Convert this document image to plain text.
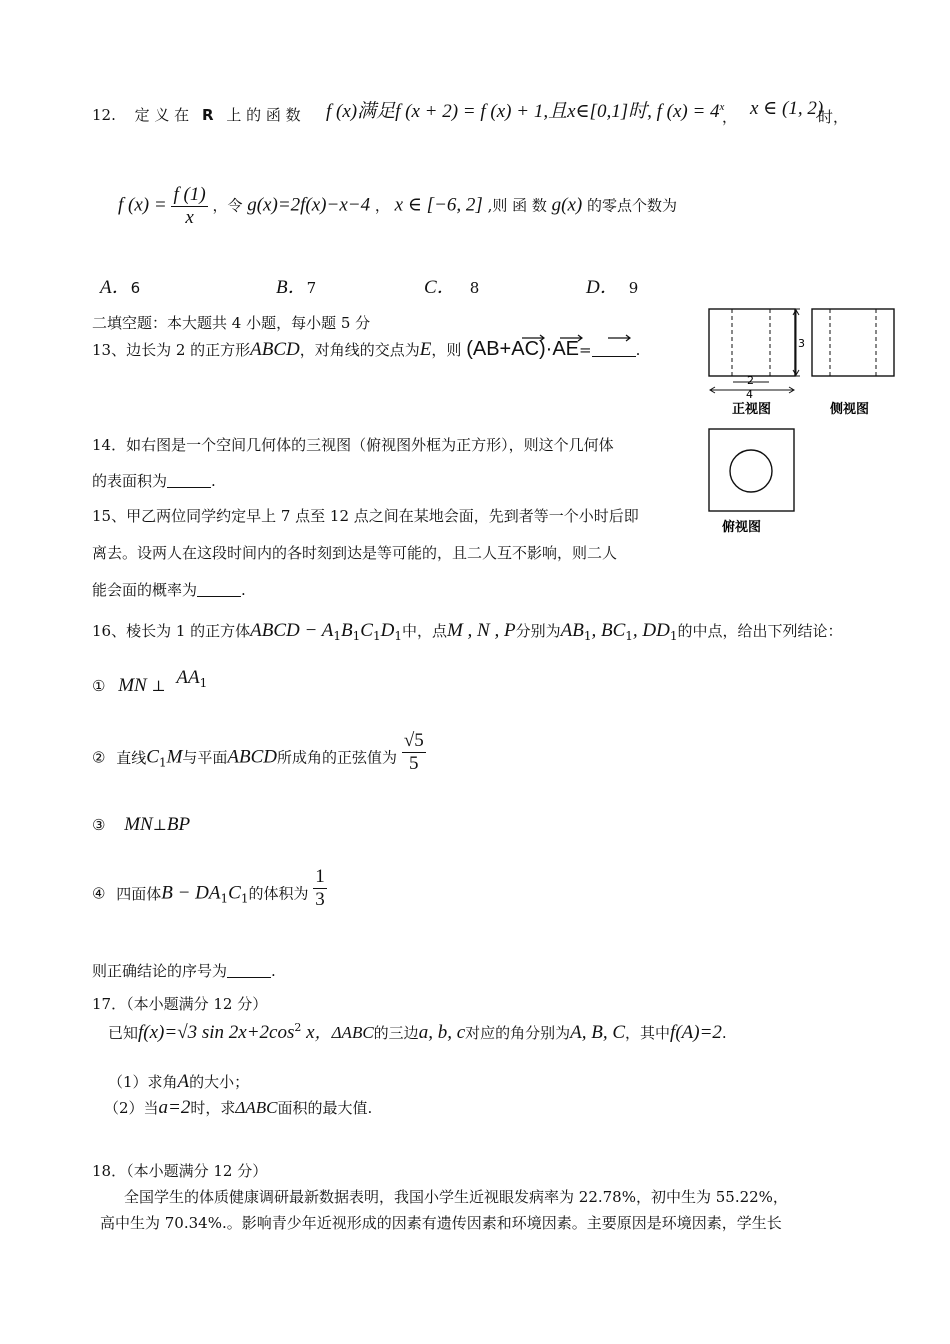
12. 定 义 在 R 上 的 函 数 f (x)满足f (x + 2) = f (x) + 1,且x∈[0,1]时, f $(x) = 4^x$
， x ∈ (1, 2)
时，
f $(x) = \frac{f (1)}{x}$ ，令 g(x)=2f(x)−x−4 ， x ∈ [−6, 2] ,则 函 数 g(x) 的零点个数为
A．6	B．7	C． 8	D． 9
二填空题：本大题共 4 小题，每小题 5 分
13、边长为 2 的正方形ABCD，对角线的交点为E，则 (AB+AC)·AE=	.
14．如右图是一个空间几何体的三视图（俯视图外框为正方形），则这个几何体
的表面积为	.
15、甲乙两位同学约定早上 7 点至 12 点之间在某地会面，先到者等一个小时后即
离去。设两人在这段时间内的各时刻到达是等可能的，且二人互不影响，则二人
能会面的概率为	.
3
2
4
正视图	侧视图
俯视图
16、棱长为 1 的正方体ABCD − $A_1B_1C_1D_1$中，点M , N , P分别为$AB_1$, $BC_1$, $DD_1$的中点，给出下列结论：
① MN ⊥ $AA^1$
② 直线$C_1M$与平面ABCD所成角的正弦值为 $\frac{√5}{5}$
③ MN⊥BP
④ 四面体$B - DA_1C_1$的体积为 $\frac{1}{3}$
则正确结论的序号为	.
17．（本小题满分 12 分）
已知f(x)=√3 $\sin 2x+2\cos^2$ x，ΔABC的三边a, b, c对应的角分别为A, B, C，其中f(A)=2.
（1）求角A的大小；
（2）当a=2时，求ΔABC面积的最大值.
18．（本小题满分 12 分）
全国学生的体质健康调研最新数据表明，我国小学生近视眼发病率为 22.78%，初中生为 55.22%，
高中生为 70.34%.。影响青少年近视形成的因素有遗传因素和环境因素。主要原因是环境因素，学生长
